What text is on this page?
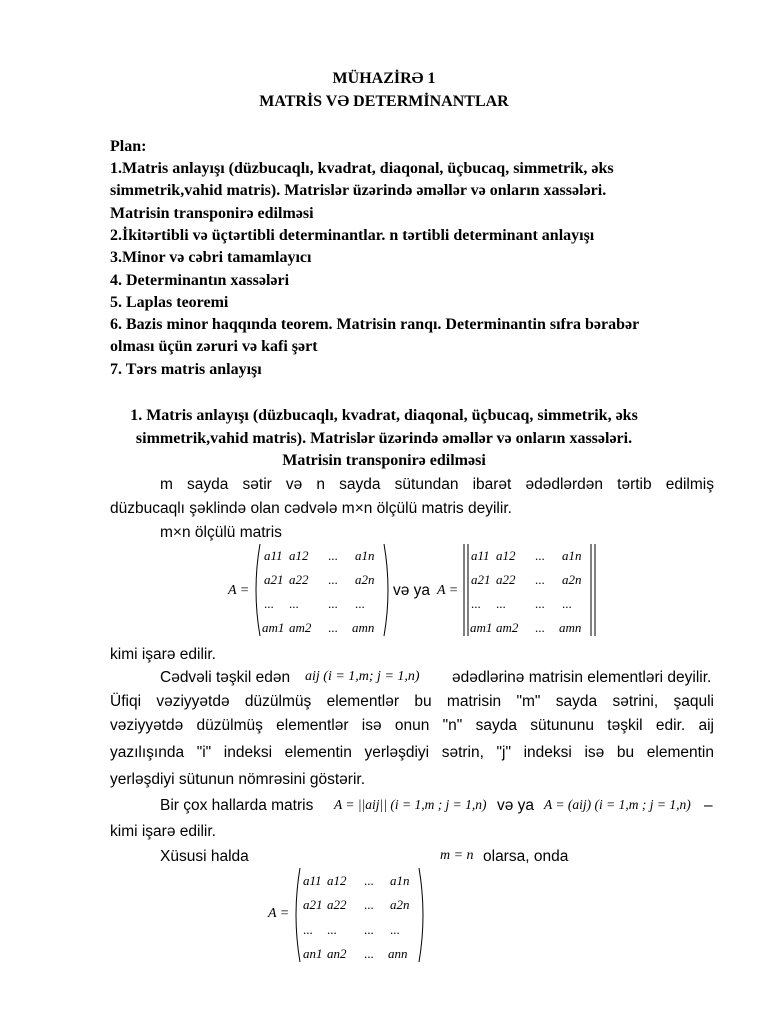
MÜHAZİRƏ 1
MATRİS VƏ DETERMİNANTLAR
Plan:
1.Matris anlayışı (düzbucaqlı, kvadrat, diaqonal, üçbucaq, simmetrik, əks
simmetrik,vahid matris). Matrislər üzərində əməllər və onların xassələri.
Matrisin transponirə edilməsi
2.İkitərtibli və üçtərtibli determinantlar. n tərtibli determinant anlayışı
3.Minor və cəbri tamamlayıcı
4. Determinantın xassələri
5. Laplas teoremi
6. Bazis minor haqqında teorem. Matrisin ranqı. Determinantin sıfra bərabər
olması üçün zəruri və kafi şərt
7. Tərs matris anlayışı
1. Matris anlayışı (düzbucaqlı, kvadrat, diaqonal, üçbucaq, simmetrik, əks
simmetrik,vahid matris). Matrislər üzərində əməllər və onların xassələri.
Matrisin transponirə edilməsi
m sayda sətir və n sayda sütundan ibarət ədədlərdən tərtib edilmiş
düzbucaqlı şəklində olan cədvələ m×n ölçülü matris deyilir.
m×n ölçülü matris
A =
a11 a12 ... a1n
a21 a22 ... a2n
... ... ... ...
am1 am2 ... amn
və ya A =
a11 a12 ... a1n
a21 a22 ... a2n
... ... ... ...
am1 am2 ... amn
kimi işarə edilir.
Cədvəli təşkil edən aij (i = 1,m; j = 1,n) ədədlərinə matrisin elementləri deyilir.
Üfiqi vəziyyətdə düzülmüş elementlər bu matrisin "m" sayda sətrini, şaquli
vəziyyətdə düzülmüş elementlər isə onun "n" sayda sütununu təşkil edir. aij
yazılışında "i" indeksi elementin yerləşdiyi sətrin, "j" indeksi isə bu elementin
yerləşdiyi sütunun nömrəsini göstərir.
Bir çox hallarda matris A = ||aij|| (i = 1,m ; j = 1,n) və ya A = (aij) (i = 1,m ; j = 1,n) –
kimi işarə edilir.
Xüsusi halda	m = n olarsa, onda
A =
a11 a12 ... a1n
a21 a22 ... a2n
... ... ... ...
an1 an2 ... ann
